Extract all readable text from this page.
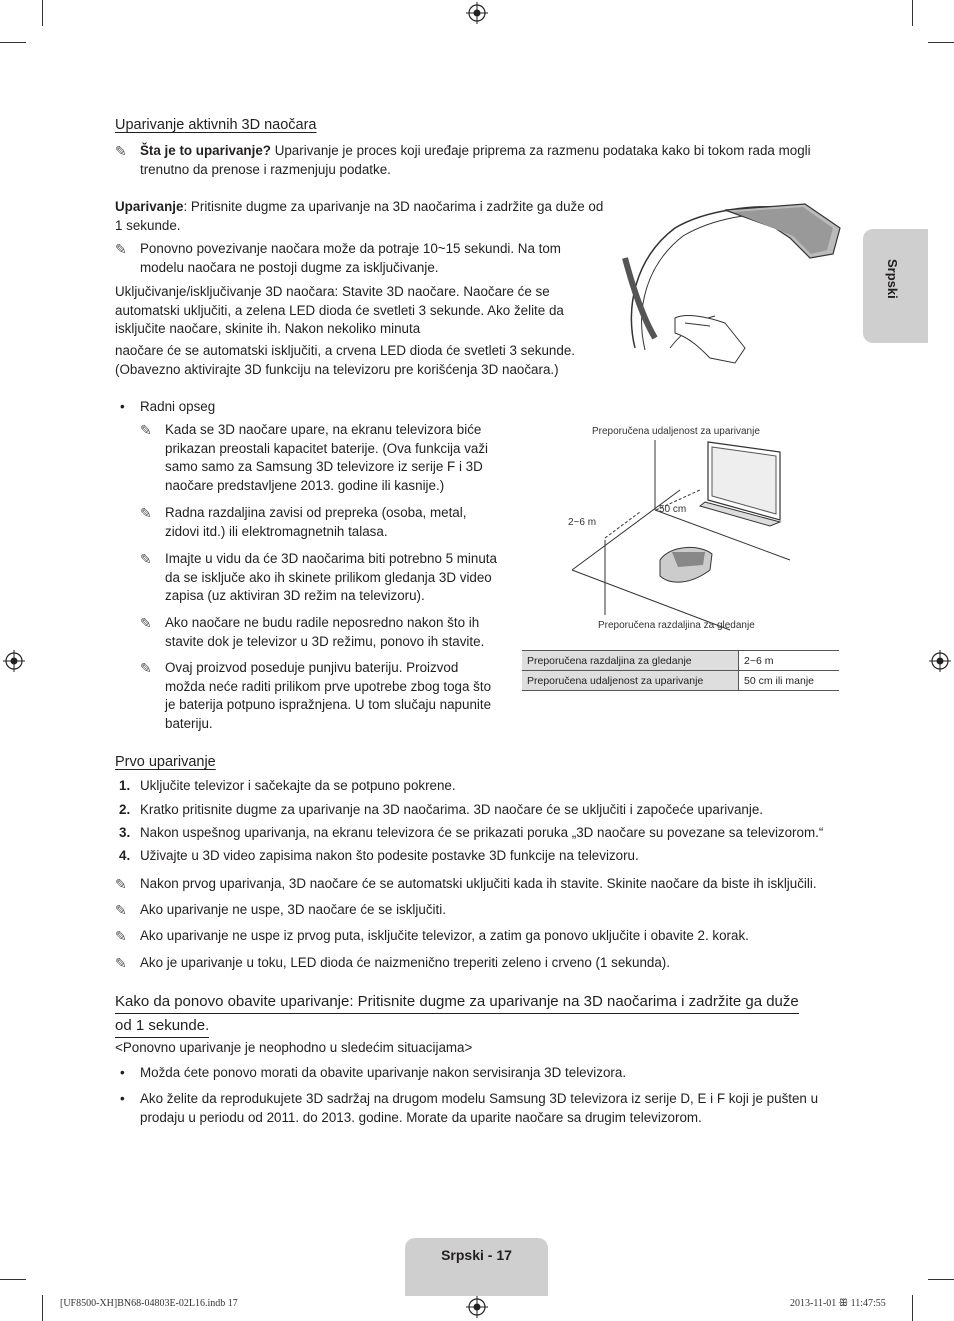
Srpski
Uparivanje aktivnih 3D naočara
✎ Šta je to uparivanje? Uparivanje je proces koji uređaje priprema za razmenu podataka kako bi tokom rada mogli trenutno da prenose i razmenjuju podatke.
Uparivanje: Pritisnite dugme za uparivanje na 3D naočarima i zadržite ga duže od 1 sekunde.
✎ Ponovno povezivanje naočara može da potraje 10~15 sekundi. Na tom modelu naočara ne postoji dugme za isključivanje.
Uključivanje/isključivanje 3D naočara: Stavite 3D naočare. Naočare će se automatski uključiti, a zelena LED dioda će svetleti 3 sekunde. Ako želite da isključite naočare, skinite ih. Nakon nekoliko minuta
naočare će se automatski isključiti, a crvena LED dioda će svetleti 3 sekunde.
(Obavezno aktivirajte 3D funkciju na televizoru pre korišćenja 3D naočara.)
• Radni opseg
✎ Kada se 3D naočare upare, na ekranu televizora biće prikazan preostali kapacitet baterije. (Ova funkcija važi samo samo za Samsung 3D televizore iz serije F i 3D naočare predstavljene 2013. godine ili kasnije.)
✎ Radna razdaljina zavisi od prepreka (osoba, metal, zidovi itd.) ili elektromagnetnih talasa.
✎ Imajte u vidu da će 3D naočarima biti potrebno 5 minuta da se isključe ako ih skinete prilikom gledanja 3D video zapisa (uz aktiviran 3D režim na televizoru).
✎ Ako naočare ne budu radile neposredno nakon što ih stavite dok je televizor u 3D režimu, ponovo ih stavite.
✎ Ovaj proizvod poseduje punjivu bateriju. Proizvod možda neće raditi prilikom prve upotrebe zbog toga što je baterija potpuno ispražnjena. U tom slučaju napunite bateriju.
Preporučena udaljenost za uparivanje
50 cm
2~6 m
Preporučena razdaljina za gledanje
Preporučena razdaljina za gledanje	2~6 m
Preporučena udaljenost za uparivanje	50 cm ili manje
Prvo uparivanje
1. Uključite televizor i sačekajte da se potpuno pokrene.
2. Kratko pritisnite dugme za uparivanje na 3D naočarima. 3D naočare će se uključiti i započeće uparivanje.
3. Nakon uspešnog uparivanja, na ekranu televizora će se prikazati poruka „3D naočare su povezane sa televizorom.“
4. Uživajte u 3D video zapisima nakon što podesite postavke 3D funkcije na televizoru.
✎ Nakon prvog uparivanja, 3D naočare će se automatski uključiti kada ih stavite. Skinite naočare da biste ih isključili.
✎ Ako uparivanje ne uspe, 3D naočare će se isključiti.
✎ Ako uparivanje ne uspe iz prvog puta, isključite televizor, a zatim ga ponovo uključite i obavite 2. korak.
✎ Ako je uparivanje u toku, LED dioda će naizmenično treperiti zeleno i crveno (1 sekunda).
Kako da ponovo obavite uparivanje: Pritisnite dugme za uparivanje na 3D naočarima i zadržite ga duže
od 1 sekunde.
<Ponovno uparivanje je neophodno u sledećim situacijama>
• Možda ćete ponovo morati da obavite uparivanje nakon servisiranja 3D televizora.
• Ako želite da reprodukujete 3D sadržaj na drugom modelu Samsung 3D televizora iz serije D, E i F koji je pušten u prodaju u periodu od 2011. do 2013. godine. Morate da uparite naočare sa drugim televizorom.
Srpski - 17
[UF8500-XH]BN68-04803E-02L16.indb 17	2013-11-01 ꕥ 11:47:55
